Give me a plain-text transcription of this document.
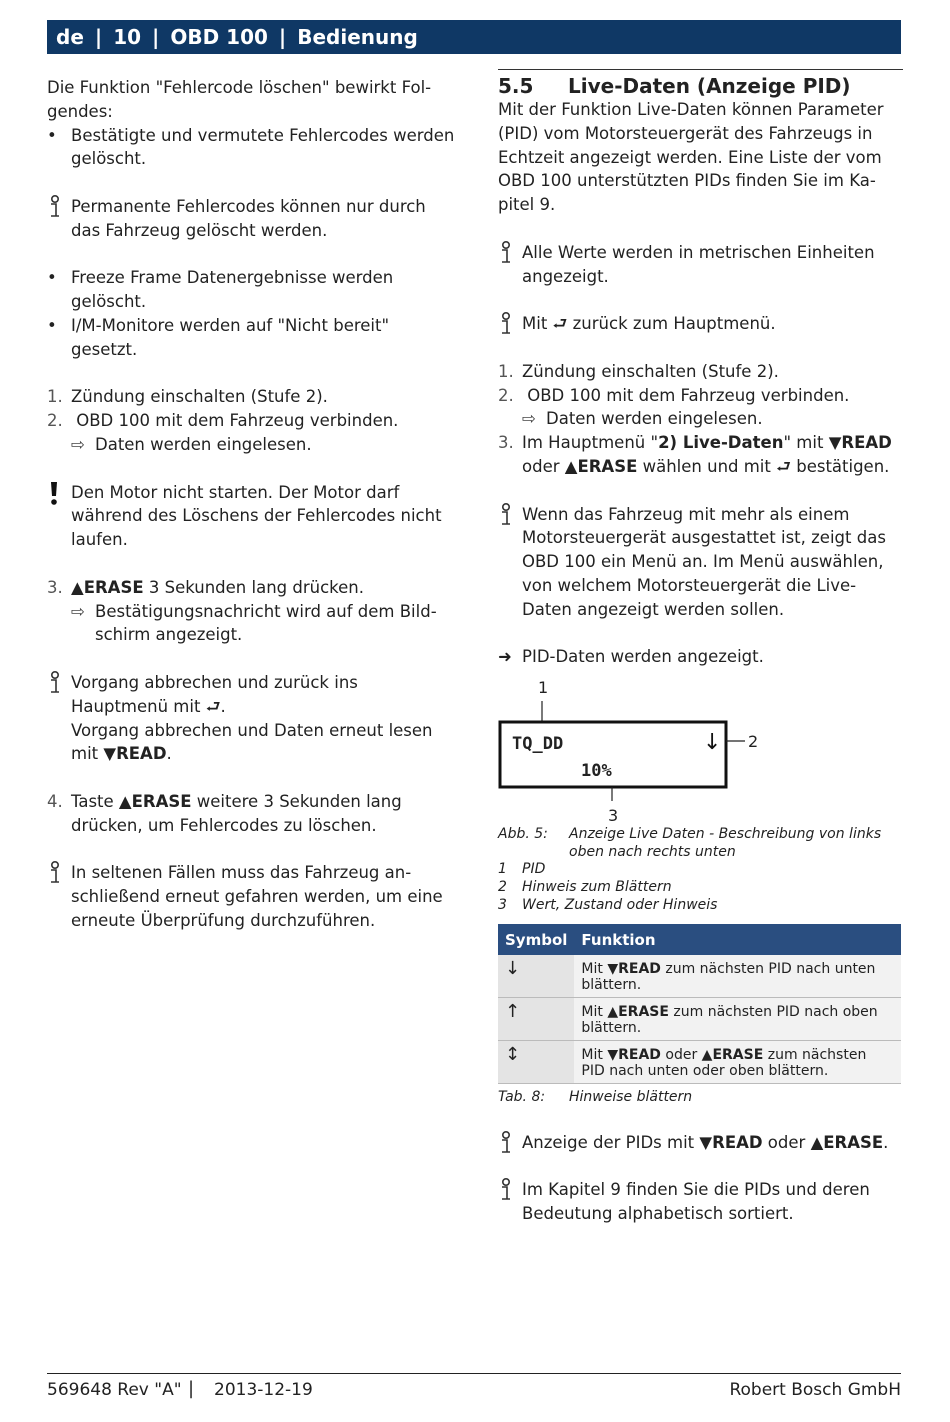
de | 10 | OBD 100 | Bedienung

Die Funktion "Fehlercode löschen" bewirkt Folgendes:

• Bestätigte und vermutete Fehlercodes werden gelöscht.
Permanente Fehlercodes können nur durch das Fahrzeug gelöscht werden.
• Freeze Frame Datenergebnisse werden gelöscht.
• I/M-Monitore werden auf "Nicht bereit" gesetzt.
1. Zündung einschalten (Stufe 2).
2. OBD 100 mit dem Fahrzeug verbinden.
⇨ Daten werden eingelesen.
Den Motor nicht starten. Der Motor darf während des Löschens der Fehlercodes nicht laufen.
3. ▲ERASE 3 Sekunden lang drücken.
⇨ Bestätigungsnachricht wird auf dem Bildschirm angezeigt.
Vorgang abbrechen und zurück ins Hauptmenü mit ⮐.
Vorgang abbrechen und Daten erneut lesen mit ▼READ.
4. Taste ▲ERASE weitere 3 Sekunden lang drücken, um Fehlercodes zu löschen.
In seltenen Fällen muss das Fahrzeug anschließend erneut gefahren werden, um eine erneute Überprüfung durchzuführen.
5.5 Live-Daten (Anzeige PID)

Mit der Funktion Live-Daten können Parameter (PID) vom Motorsteuergerät des Fahrzeugs in Echtzeit angezeigt werden. Eine Liste der vom OBD 100 unterstützten PIDs finden Sie im Kapitel 9.

Alle Werte werden in metrischen Einheiten angezeigt.
Mit ⮐ zurück zum Hauptmenü.
1. Zündung einschalten (Stufe 2).
2. OBD 100 mit dem Fahrzeug verbinden.
⇨ Daten werden eingelesen.
3. Im Hauptmenü "2) Live-Daten" mit ▼READ
oder ▲ERASE wählen und mit ⮐ bestätigen.
Wenn das Fahrzeug mit mehr als einem Motorsteuergerät ausgestattet ist, zeigt das OBD 100 ein Menü an. Im Menü auswählen, von welchem Motorsteuergerät die Live-Daten angezeigt werden sollen.
➜ PID-Daten werden angezeigt.
1
TQ_DD	↓
10%
2
3
Abb. 5:	Anzeige Live Daten - Beschreibung von links oben nach rechts unten
1 PID
2 Hinweis zum Blättern
3 Wert, Zustand oder Hinweis
Symbol	Funktion
↓	Mit ▼READ zum nächsten PID nach unten blättern.
↑	Mit ▲ERASE zum nächsten PID nach oben blättern.
↕	Mit ▼READ oder ▲ERASE zum nächsten PID nach unten oder oben blättern.
Tab. 8: Hinweise blättern
Anzeige der PIDs mit ▼READ oder ▲ERASE.
Im Kapitel 9 finden Sie die PIDs und deren Bedeutung alphabetisch sortiert.
569648 Rev "A" | 2013-12-19	Robert Bosch GmbH
